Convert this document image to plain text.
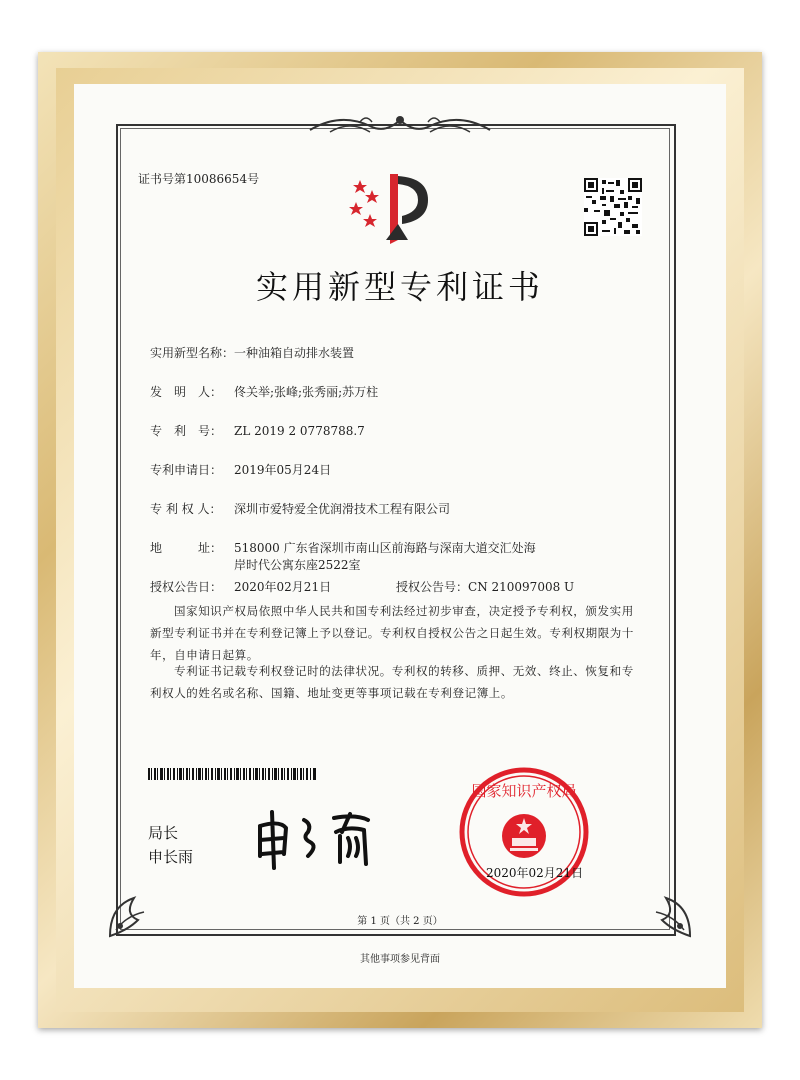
证书号第10086654号
实用新型专利证书
实用新型名称：一种油箱自动排水装置
发　明　人： 佟关举;张峰;张秀丽;苏万柱
专　利　号： ZL 2019 2 0778788.7
专利申请日： 2019年05月24日
专 利 权 人： 深圳市爱特爱全优润滑技术工程有限公司
地　　　址： 518000 广东省深圳市南山区前海路与深南大道交汇处海
岸时代公寓东座2522室
授权公告日： 2020年02月21日	授权公告号：CN 210097008 U
国家知识产权局依照中华人民共和国专利法经过初步审查，决定授予专利权，颁发实用新型专利证书并在专利登记簿上予以登记。专利权自授权公告之日起生效。专利权期限为十年，自申请日起算。
专利证书记载专利权登记时的法律状况。专利权的转移、质押、无效、终止、恢复和专利权人的姓名或名称、国籍、地址变更等事项记载在专利登记簿上。
局长
申长雨
国家知识产权局
2020年02月21日
第 1 页（共 2 页）
其他事项参见背面
